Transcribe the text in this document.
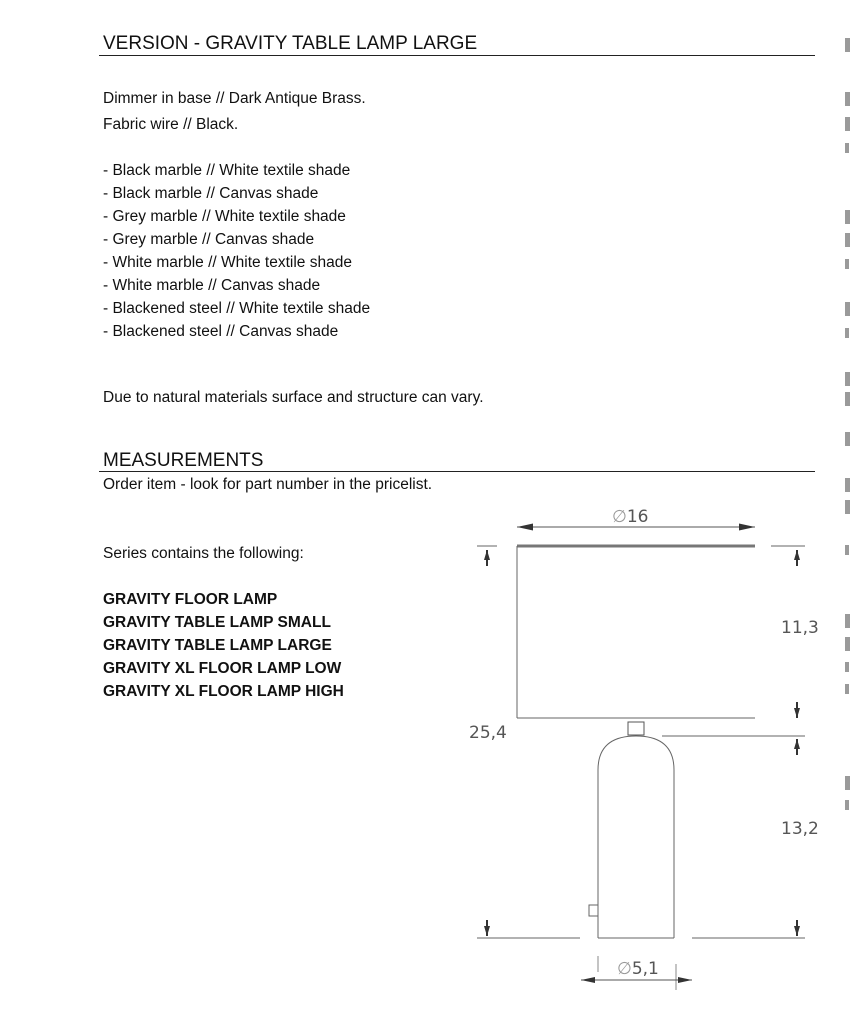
VERSION - GRAVITY TABLE LAMP LARGE
Dimmer in base // Dark Antique Brass.
Fabric wire // Black.
- Black marble // White textile shade
- Black marble // Canvas shade
- Grey marble // White textile shade
- Grey marble // Canvas shade
- White marble // White textile shade
- White marble // Canvas shade
- Blackened steel // White textile shade
- Blackened steel // Canvas shade
Due to natural materials surface and structure can vary.
MEASUREMENTS
Order item - look for part number in the pricelist.
Series contains the following:
GRAVITY FLOOR LAMP
GRAVITY TABLE LAMP SMALL
GRAVITY TABLE LAMP LARGE
GRAVITY XL FLOOR LAMP LOW
GRAVITY XL FLOOR LAMP HIGH
∅16
11,3
25,4
13,2
∅5,1
